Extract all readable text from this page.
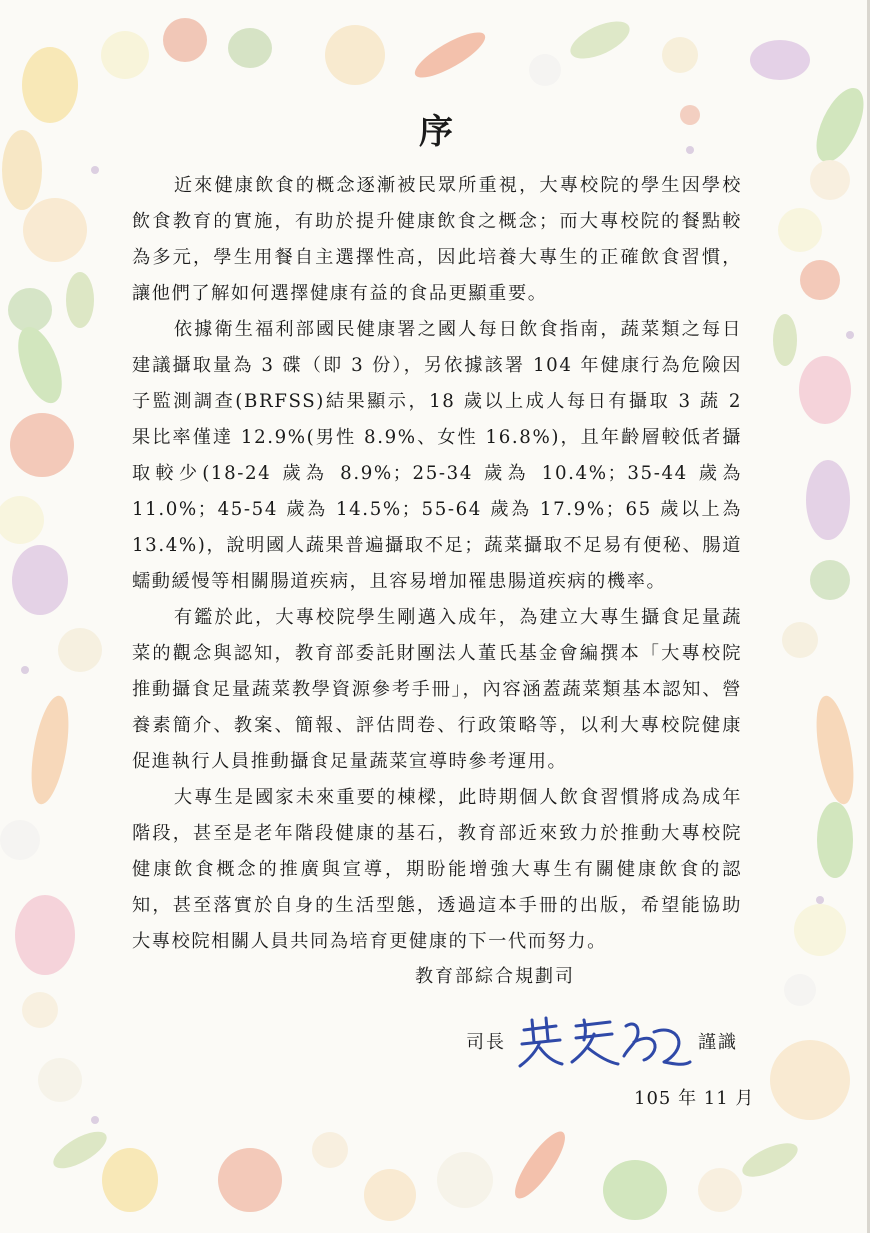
序

近來健康飲食的概念逐漸被民眾所重視，大專校院的學生因學校飲食教育的實施，有助於提升健康飲食之概念；而大專校院的餐點較為多元，學生用餐自主選擇性高，因此培養大專生的正確飲食習慣，讓他們了解如何選擇健康有益的食品更顯重要。

依據衛生福利部國民健康署之國人每日飲食指南，蔬菜類之每日建議攝取量為 3 碟（即 3 份），另依據該署 104 年健康行為危險因子監測調查(BRFSS)結果顯示，18 歲以上成人每日有攝取 3 蔬 2 果比率僅達 12.9%(男性 8.9%、女性 16.8%)，且年齡層較低者攝取較少(18-24 歲為 8.9%；25-34 歲為 10.4%；35-44 歲為 11.0%；45-54 歲為 14.5%；55-64 歲為 17.9%；65 歲以上為 13.4%)，說明國人蔬果普遍攝取不足；蔬菜攝取不足易有便秘、腸道蠕動緩慢等相關腸道疾病，且容易增加罹患腸道疾病的機率。

有鑑於此，大專校院學生剛邁入成年，為建立大專生攝食足量蔬菜的觀念與認知，教育部委託財團法人董氏基金會編撰本「大專校院推動攝食足量蔬菜教學資源參考手冊」，內容涵蓋蔬菜類基本認知、營養素簡介、教案、簡報、評估問卷、行政策略等，以利大專校院健康促進執行人員推動攝食足量蔬菜宣導時參考運用。

大專生是國家未來重要的棟樑，此時期個人飲食習慣將成為成年階段，甚至是老年階段健康的基石，教育部近來致力於推動大專校院健康飲食概念的推廣與宣導，期盼能增強大專生有關健康飲食的認知，甚至落實於自身的生活型態，透過這本手冊的出版，希望能協助大專校院相關人員共同為培育更健康的下一代而努力。

教育部綜合規劃司
司長	謹識
105 年 11 月
